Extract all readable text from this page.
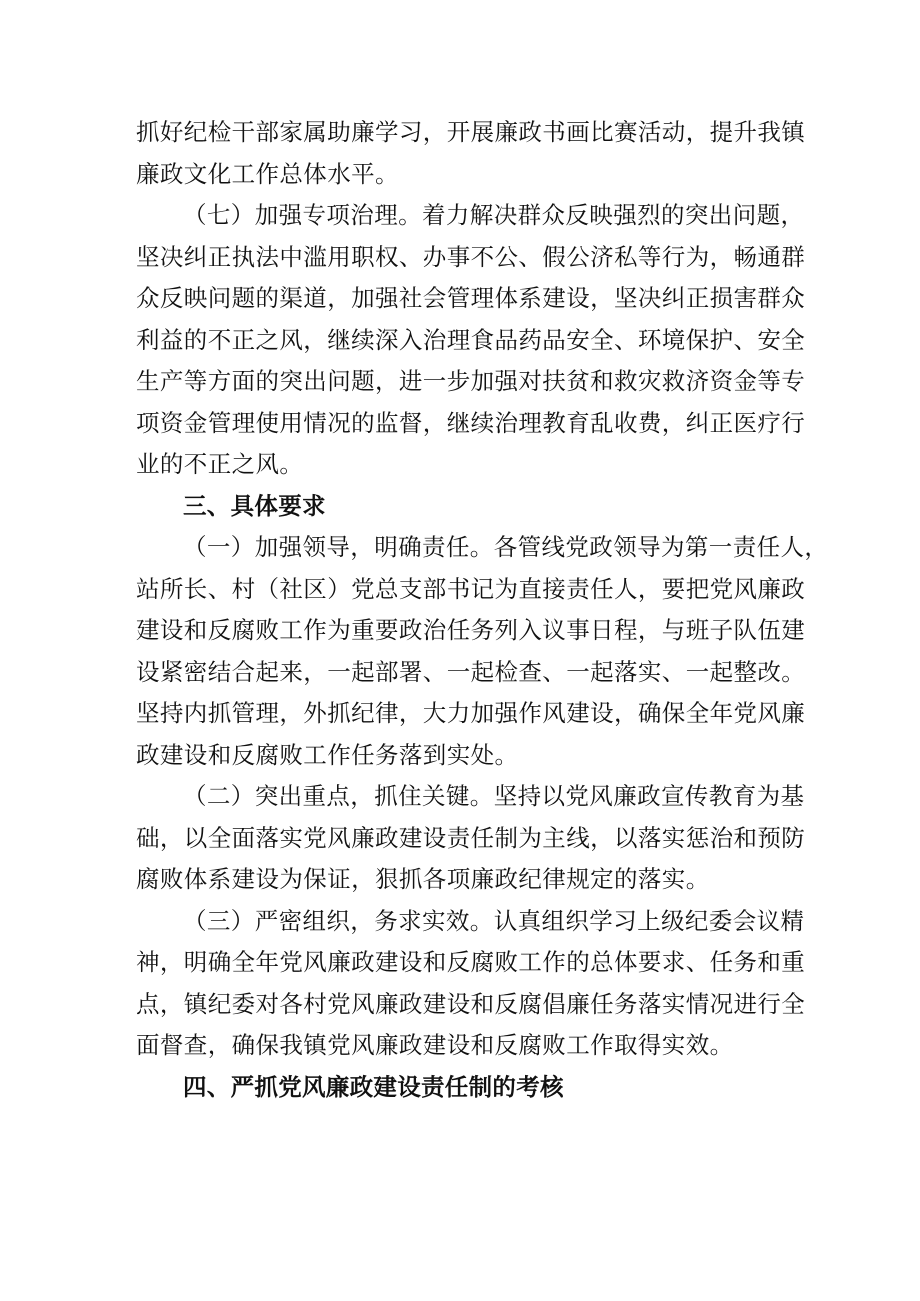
抓好纪检干部家属助廉学习，开展廉政书画比赛活动，提升我镇
廉政文化工作总体水平。

（七）加强专项治理。着力解决群众反映强烈的突出问题，
坚决纠正执法中滥用职权、办事不公、假公济私等行为，畅通群
众反映问题的渠道，加强社会管理体系建设，坚决纠正损害群众
利益的不正之风，继续深入治理食品药品安全、环境保护、安全
生产等方面的突出问题，进一步加强对扶贫和救灾救济资金等专
项资金管理使用情况的监督，继续治理教育乱收费，纠正医疗行
业的不正之风。

三、具体要求

（一）加强领导，明确责任。各管线党政领导为第一责任人，
站所长、村（社区）党总支部书记为直接责任人，要把党风廉政
建设和反腐败工作为重要政治任务列入议事日程，与班子队伍建
设紧密结合起来，一起部署、一起检查、一起落实、一起整改。
坚持内抓管理，外抓纪律，大力加强作风建设，确保全年党风廉
政建设和反腐败工作任务落到实处。

（二）突出重点，抓住关键。坚持以党风廉政宣传教育为基
础，以全面落实党风廉政建设责任制为主线，以落实惩治和预防
腐败体系建设为保证，狠抓各项廉政纪律规定的落实。

（三）严密组织，务求实效。认真组织学习上级纪委会议精
神，明确全年党风廉政建设和反腐败工作的总体要求、任务和重
点，镇纪委对各村党风廉政建设和反腐倡廉任务落实情况进行全
面督查，确保我镇党风廉政建设和反腐败工作取得实效。

四、严抓党风廉政建设责任制的考核
